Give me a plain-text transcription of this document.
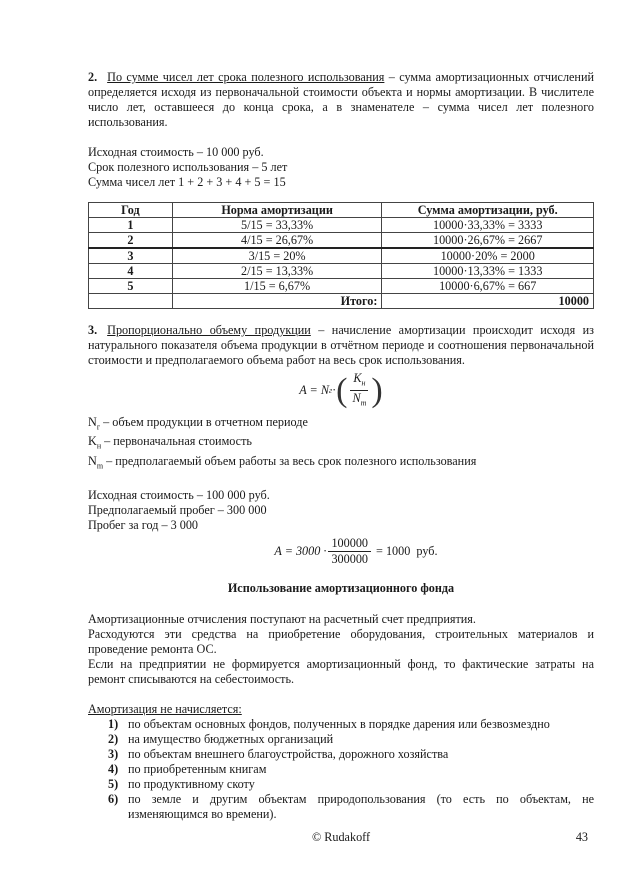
2. По сумме чисел лет срока полезного использования – сумма амортизационных отчислений определяется исходя из первоначальной стоимости объекта и нормы амортизации. В числителе число лет, оставшееся до конца срока, а в знаменателе – сумма чисел лет полезного использования.

Исходная стоимость – 10 000 руб.

Срок полезного использования – 5 лет

Сумма чисел лет 1 + 2 + 3 + 4 + 5 = 15

Год	Норма амортизации	Сумма амортизации, руб.
1	5/15 = 33,33%	10000·33,33% = 3333
2	4/15 = 26,67%	10000·26,67% = 2667
3	3/15 = 20%	10000·20% = 2000
4	2/15 = 13,33%	10000·13,33% = 1333
5	1/15 = 6,67%	10000·6,67% = 667
	Итого:	10000

3. Пропорционально объему продукции – начисление амортизации происходит исходя из натурального показателя объема продукции в отчётном периоде и соотношения первоначальной стоимости и предполагаемого объема работ на весь срок использования.

A = N г · ( $\frac{K_н}{N_m}$ )

$N_г$ – объем продукции в отчетном периоде

$K_н$ – первоначальная стоимость

$N_m$ – предполагаемый объем работы за весь срок полезного использования

Исходная стоимость – 100 000 руб.

Предполагаемый пробег – 300 000

Пробег за год – 3 000

$A = 3000 \cdot \frac{100000}{300000} = 1000$  руб.

Использование амортизационного фонда

Амортизационные отчисления поступают на расчетный счет предприятия.

Расходуются эти средства на приобретение оборудования, строительных материалов и проведение ремонта ОС.

Если на предприятии не формируется амортизационный фонд, то фактические затраты на ремонт списываются на себестоимость.

Амортизация не начисляется:

1) по объектам основных фондов, полученных в порядке дарения или безвозмездно
2) на имущество бюджетных организаций
3) по объектам внешнего благоустройства, дорожного хозяйства
4) по приобретенным книгам
5) по продуктивному скоту
6) по земле и другим объектам природопользования (то есть по объектам, не изменяющимся во времени).
© Rudakoff	43
